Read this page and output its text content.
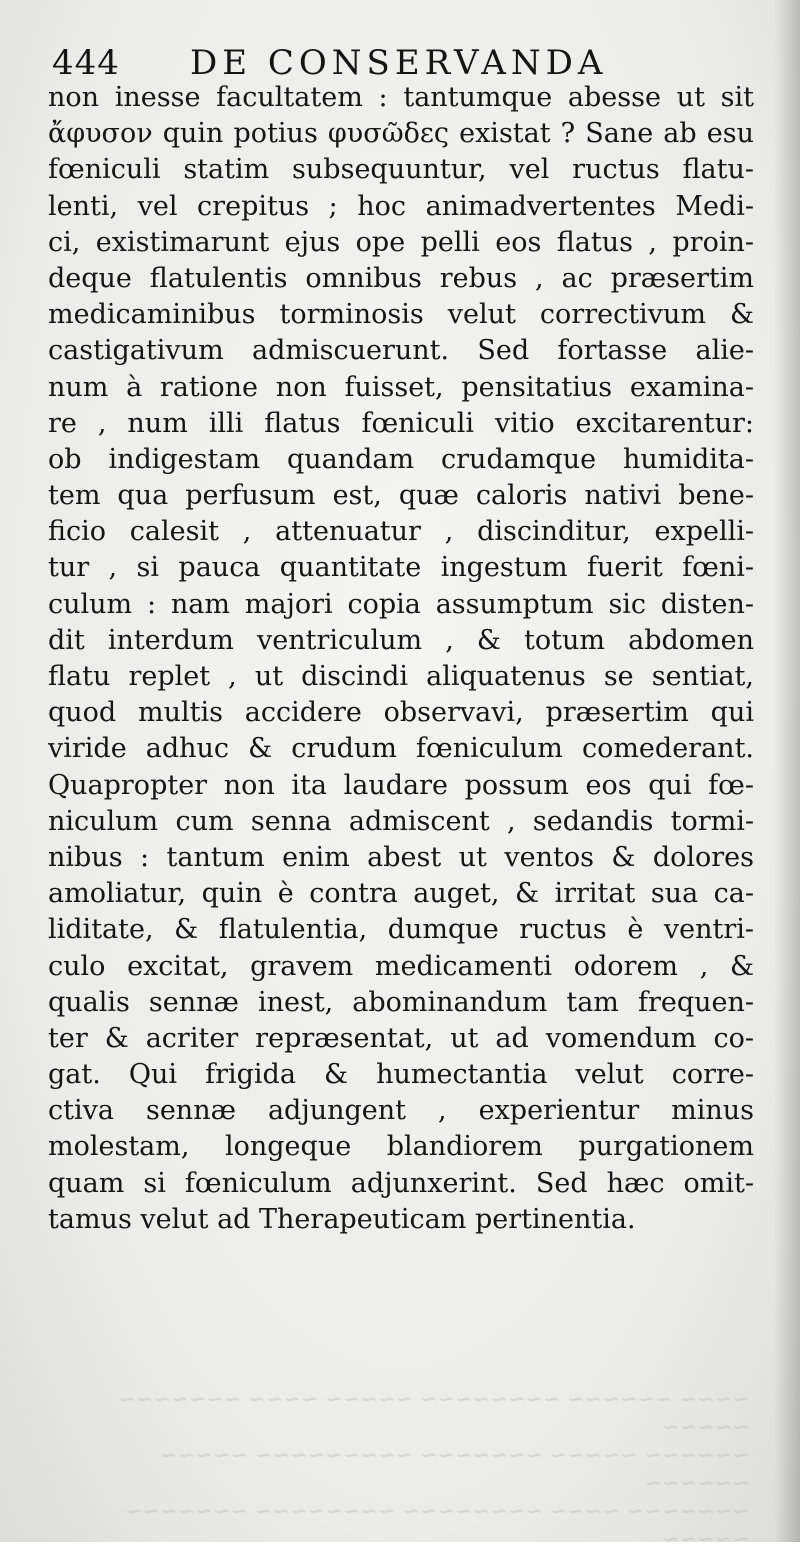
444 DE CONSERVANDA
non inesse facultatem : tantumque abesse ut sit
ἄφυσον quin potius φυσῶδες existat ? Sane ab esu
fœniculi statim subsequuntur, vel ructus flatu-
lenti, vel crepitus ; hoc animadvertentes Medi-
ci, existimarunt ejus ope pelli eos flatus , proin-
deque flatulentis omnibus rebus , ac præsertim
medicaminibus torminosis velut correctivum &
castigativum admiscuerunt. Sed fortasse alie-
num à ratione non fuisset, pensitatius examina-
re , num illi flatus fœniculi vitio excitarentur:
ob indigestam quandam crudamque humidita-
tem qua perfusum est, quæ caloris nativi bene-
ficio calesit , attenuatur , discinditur, expelli-
tur , si pauca quantitate ingestum fuerit fœni-
culum : nam majori copia assumptum sic disten-
dit interdum ventriculum , & totum abdomen
flatu replet , ut discindi aliquatenus se sentiat,
quod multis accidere observavi, præsertim qui
viride adhuc & crudum fœniculum comederant.
Quapropter non ita laudare possum eos qui fœ-
niculum cum senna admiscent , sedandis tormi-
nibus : tantum enim abest ut ventos & dolores
amoliatur, quin è contra auget, & irritat sua ca-
liditate, & flatulentia, dumque ructus è ventri-
culo excitat, gravem medicamenti odorem , &
qualis sennæ inest, abominandum tam frequen-
ter & acriter repræsentat, ut ad vomendum co-
gat. Qui frigida & humectantia velut corre-
ctiva sennæ adjungent , experientur minus
molestam, longeque blandiorem purgationem
quam si fœniculum adjunxerint. Sed hæc omit-
tamus velut ad Therapeuticam pertinentia.
~~~~ ~~~~~~ ~~~~~~~~ ~~~~~ ~~~~ ~~~~~~~ ~~~~~
~~~~~~ ~~~~~ ~~~~~~~ ~~~~~~~~~ ~~~~~ ~~~~~~
~~~~~~~ ~~~~ ~~~~~~~~ ~~~~~~~~ ~~~~~~~ ~~~~~
